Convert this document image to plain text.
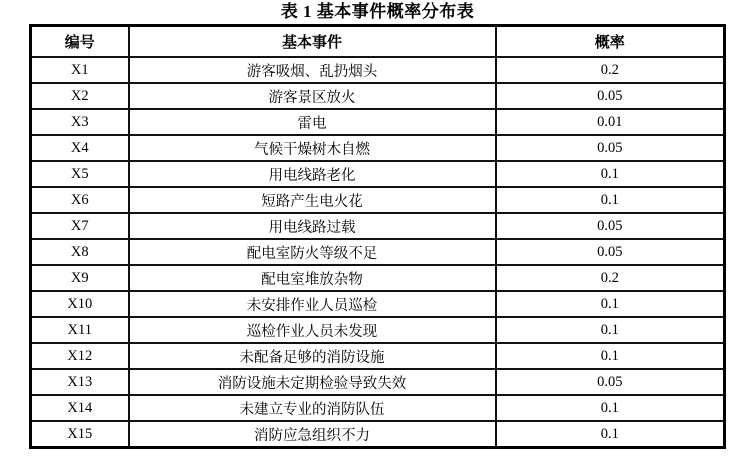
表 1 基本事件概率分布表
编号	基本事件	概率
X1	游客吸烟、乱扔烟头	0.2
X2	游客景区放火	0.05
X3	雷电	0.01
X4	气候干燥树木自燃	0.05
X5	用电线路老化	0.1
X6	短路产生电火花	0.1
X7	用电线路过载	0.05
X8	配电室防火等级不足	0.05
X9	配电室堆放杂物	0.2
X10	未安排作业人员巡检	0.1
X11	巡检作业人员未发现	0.1
X12	未配备足够的消防设施	0.1
X13	消防设施未定期检验导致失效	0.05
X14	未建立专业的消防队伍	0.1
X15	消防应急组织不力	0.1
